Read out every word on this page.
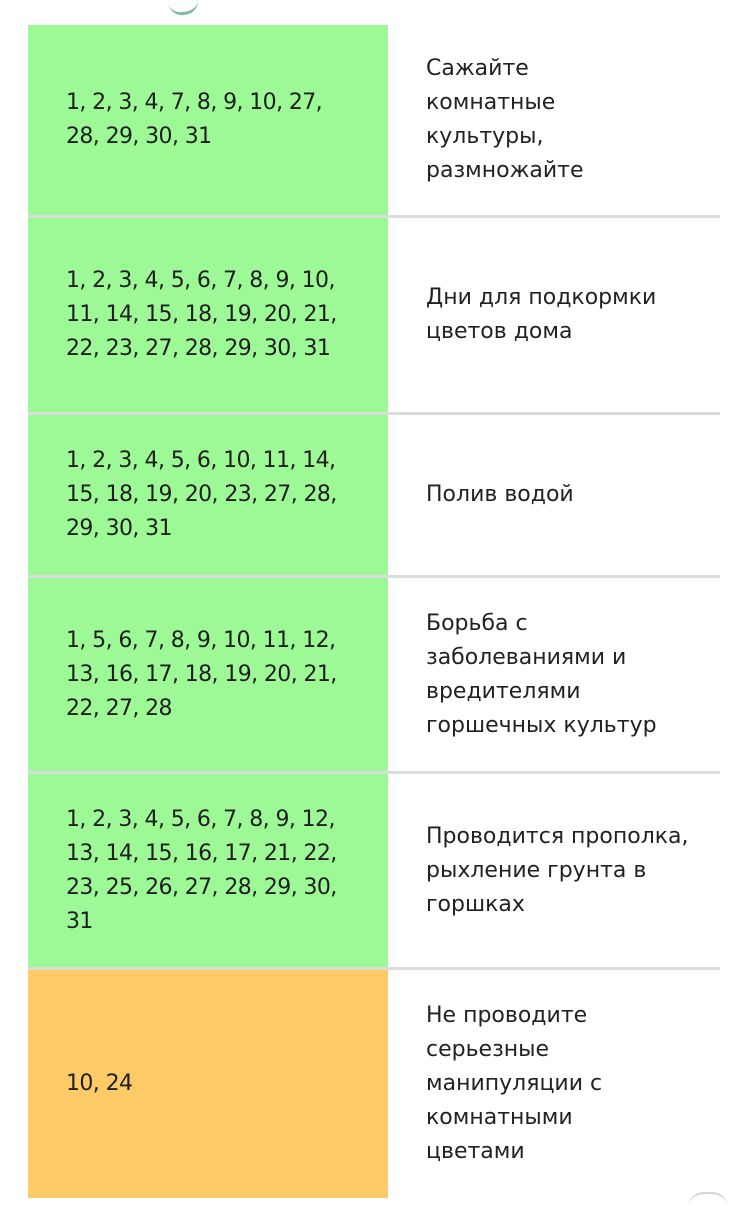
1, 2, 3, 4, 7, 8, 9, 10, 27, 28, 29, 30, 31
Сажайте комнатные культуры, размножайте
1, 2, 3, 4, 5, 6, 7, 8, 9, 10, 11, 14, 15, 18, 19, 20, 21, 22, 23, 27, 28, 29, 30, 31
Дни для подкормки цветов дома
1, 2, 3, 4, 5, 6, 10, 11, 14, 15, 18, 19, 20, 23, 27, 28, 29, 30, 31
Полив водой
1, 5, 6, 7, 8, 9, 10, 11, 12, 13, 16, 17, 18, 19, 20, 21, 22, 27, 28
Борьба с заболеваниями и вредителями горшечных культур
1, 2, 3, 4, 5, 6, 7, 8, 9, 12, 13, 14, 15, 16, 17, 21, 22, 23, 25, 26, 27, 28, 29, 30, 31
Проводится прополка, рыхление грунта в горшках
10, 24
Не проводите серьезные манипуляции с комнатными цветами
